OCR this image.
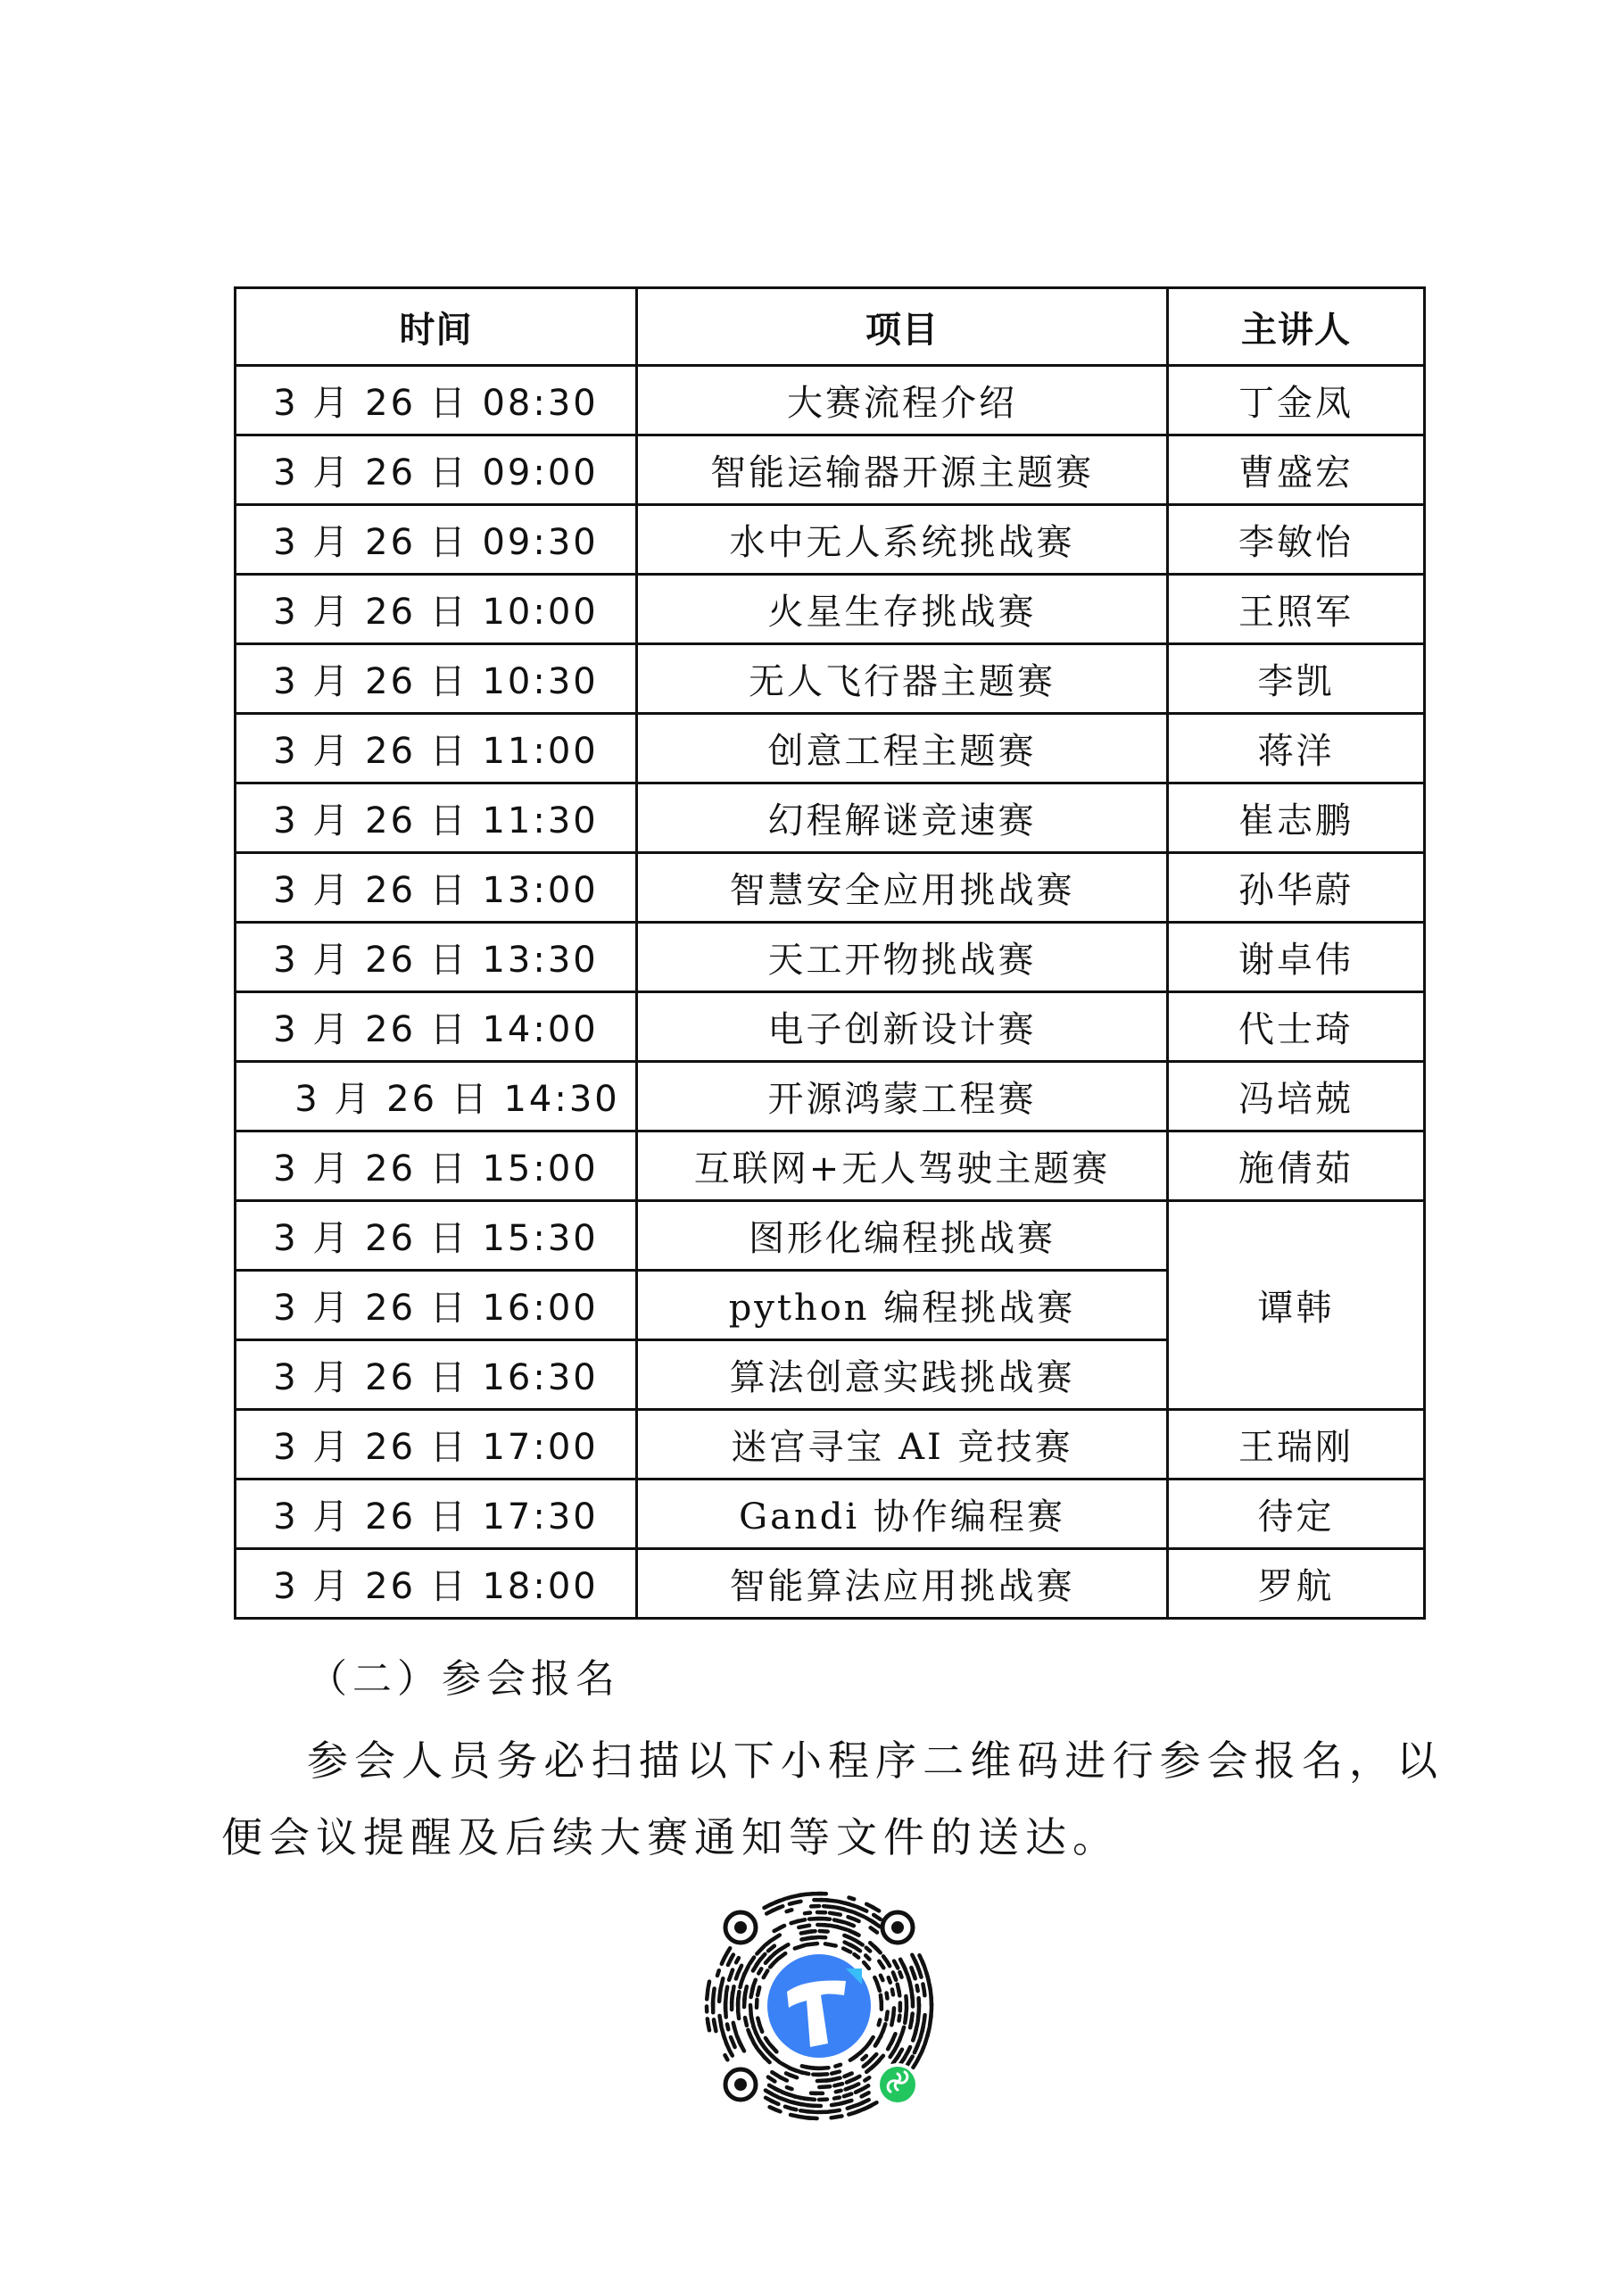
时间	项目	主讲人
3 月 26 日 08:30	大赛流程介绍	丁金凤
3 月 26 日 09:00	智能运输器开源主题赛	曹盛宏
3 月 26 日 09:30	水中无人系统挑战赛	李敏怡
3 月 26 日 10:00	火星生存挑战赛	王照军
3 月 26 日 10:30	无人飞行器主题赛	李凯
3 月 26 日 11:00	创意工程主题赛	蒋洋
3 月 26 日 11:30	幻程解谜竞速赛	崔志鹏
3 月 26 日 13:00	智慧安全应用挑战赛	孙华蔚
3 月 26 日 13:30	天工开物挑战赛	谢卓伟
3 月 26 日 14:00	电子创新设计赛	代士琦
3 月 26 日 14:30	开源鸿蒙工程赛	冯培兢
3 月 26 日 15:00	互联网+无人驾驶主题赛	施倩茹
3 月 26 日 15:30	图形化编程挑战赛	谭韩
3 月 26 日 16:00	python 编程挑战赛	
3 月 26 日 16:30	算法创意实践挑战赛	
3 月 26 日 17:00	迷宫寻宝 AI 竞技赛	王瑞刚
3 月 26 日 17:30	Gandi 协作编程赛	待定
3 月 26 日 18:00	智能算法应用挑战赛	罗航
（二）参会报名
参会人员务必扫描以下小程序二维码进行参会报名，以便会议提醒及后续大赛通知等文件的送达。
